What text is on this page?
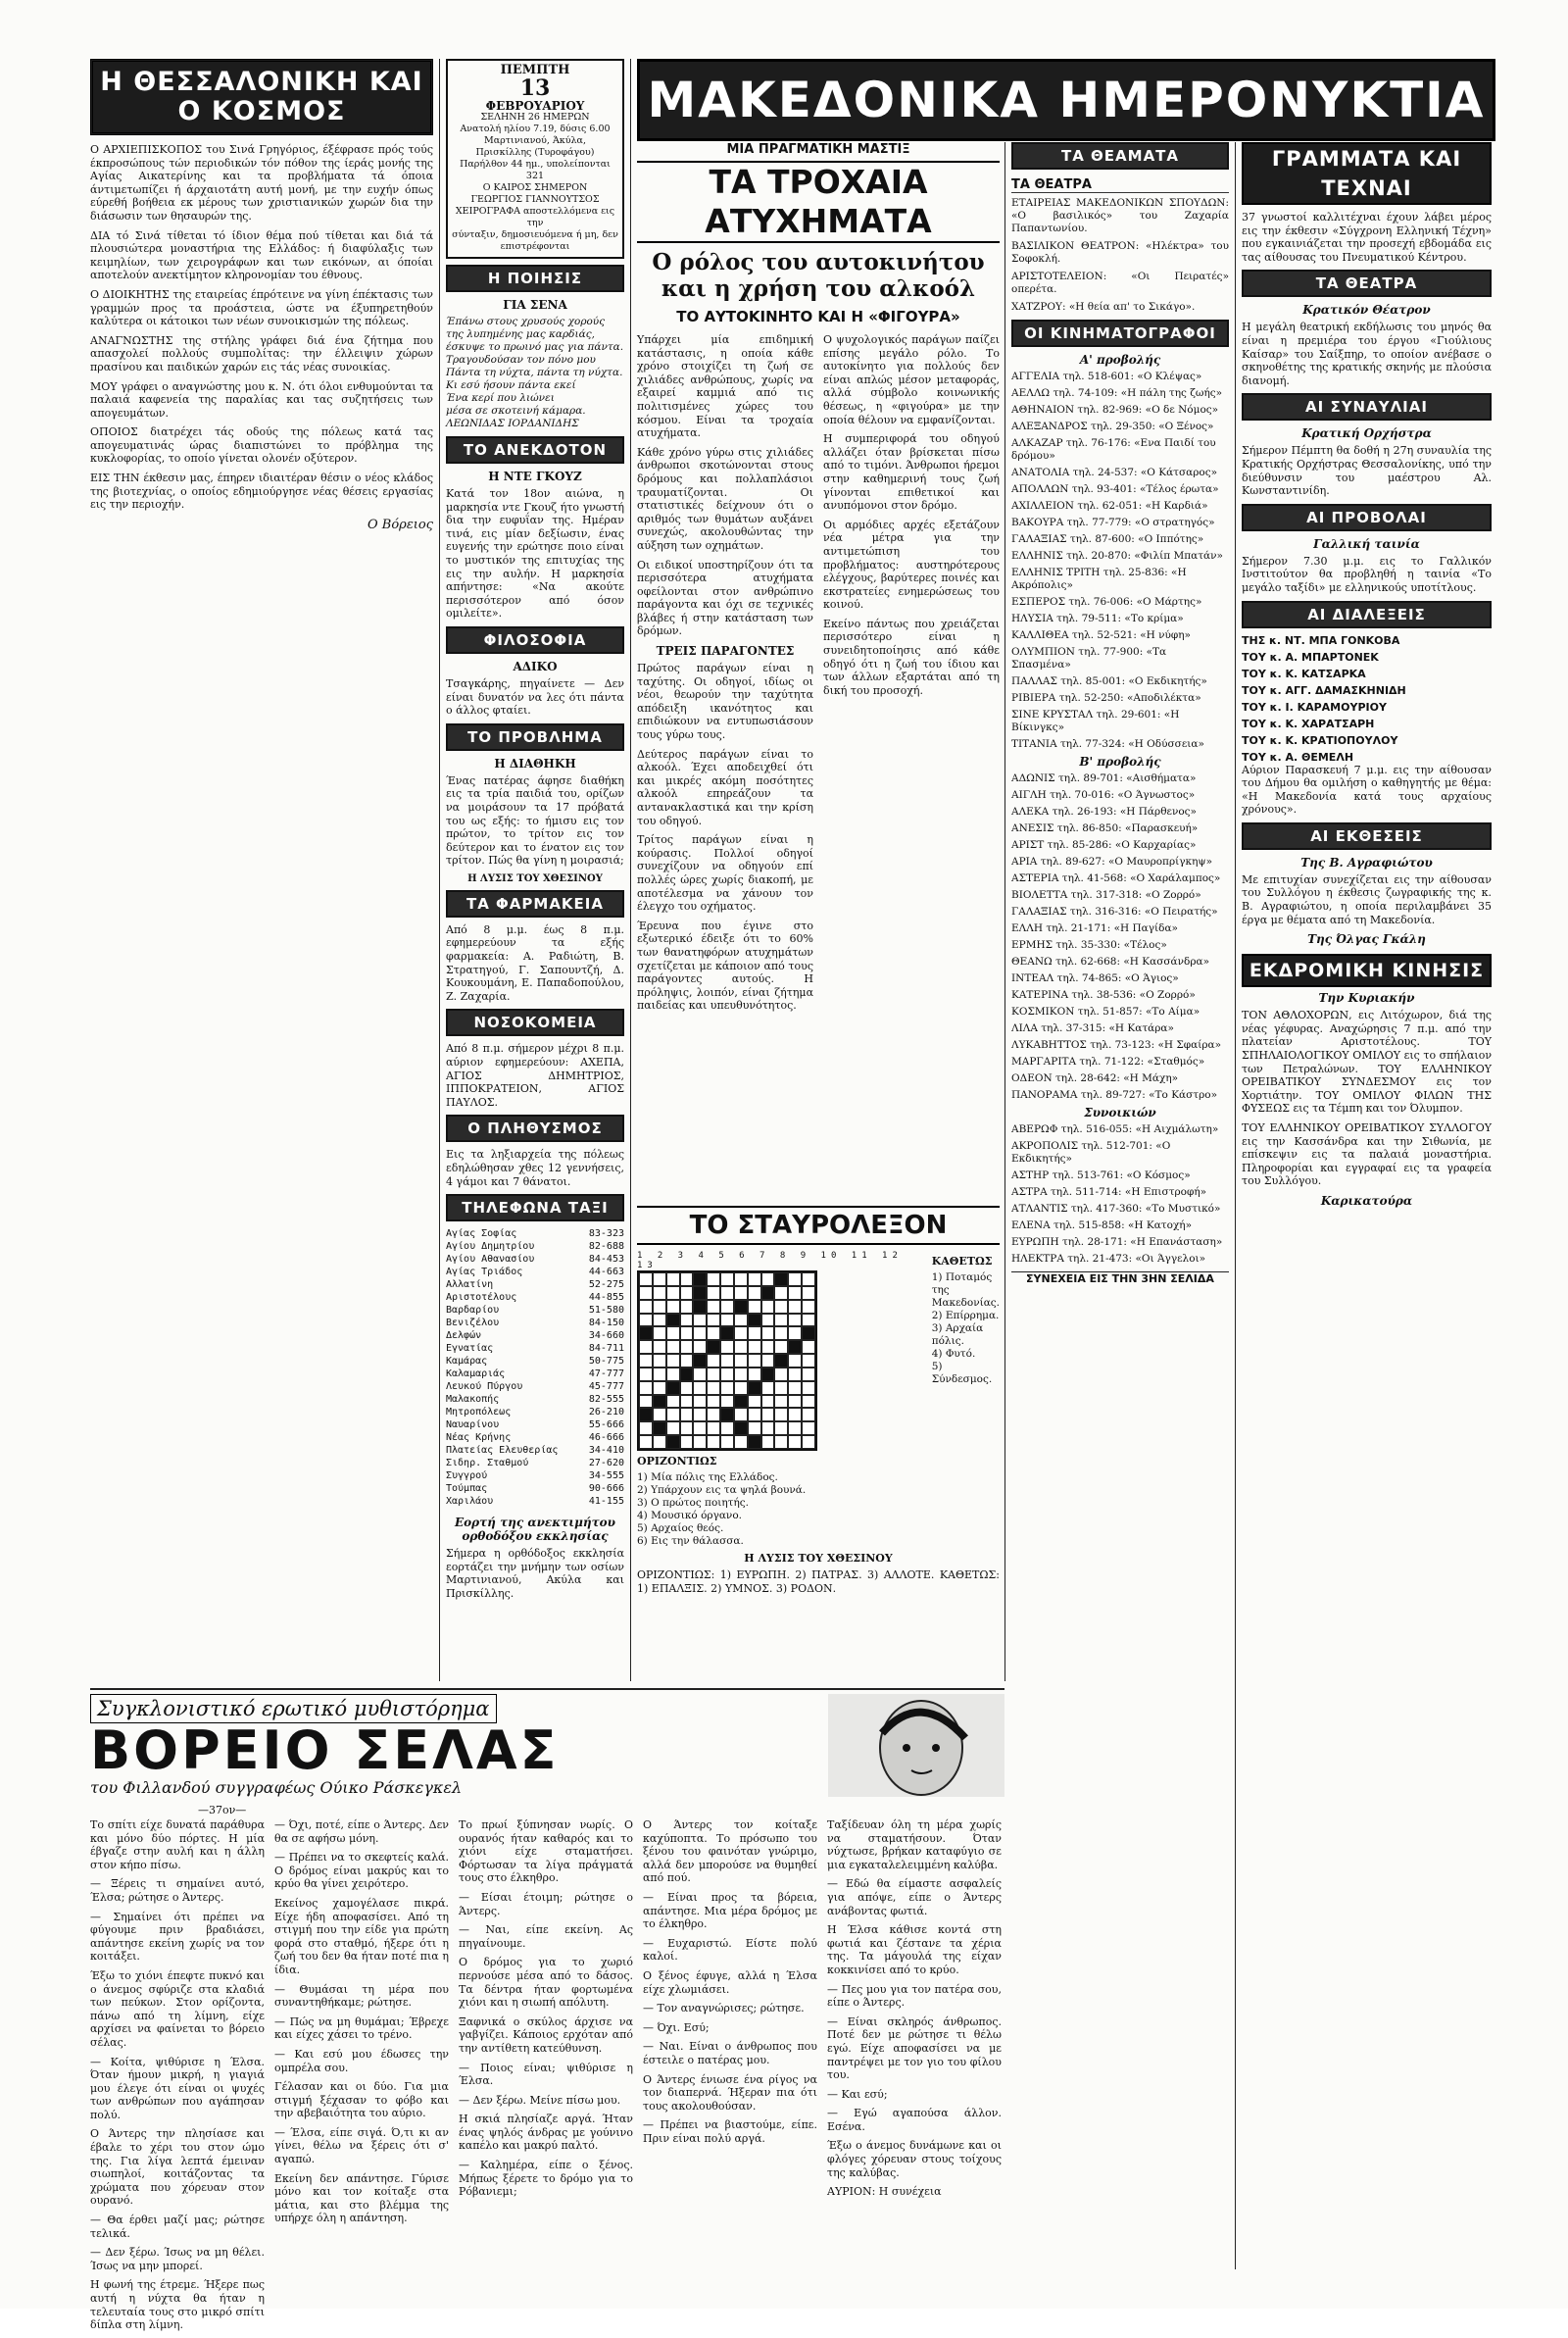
Η ΘΕΣΣΑΛΟΝΙΚΗ ΚΑΙ Ο ΚΟΣΜΟΣ

Ο ΑΡΧΙΕΠΙΣΚΟΠΟΣ του Σινά Γρηγόριος, έξέφρασε πρός τούς έκπροσώπους τών περιοδικών τόν πόθον της ίεράς μονής της Αγίας Αικατερίνης και τα προβλήματα τά όποια άντιμετωπίζει ή άρχαιοτάτη αυτή μονή, με την ευχήν όπως εύρεθή βοήθεια εκ μέρους των χριστιανικών χωρών δια την διάσωσιν των θησαυρών της.

ΔΙΑ τό Σινά τίθεται τό ίδιον θέμα πού τίθεται και διά τά πλουσιώτερα μοναστήρια της Ελλάδος: ή διαφύλαξις των κειμηλίων, των χειρογράφων και των εικόνων, αι όποίαι αποτελούν ανεκτίμητον κληρονομίαν του έθνους.

Ο ΔΙΟΙΚΗΤΗΣ της εταιρείας έπρότεινε να γίνη έπέκτασις των γραμμών προς τα προάστεια, ώστε να έξυπηρετηθούν καλύτερα οι κάτοικοι των νέων συνοικισμών της πόλεως.

ΑΝΑΓΝΩΣΤΗΣ της στήλης γράφει διά ένα ζήτημα που απασχολεί πολλούς συμπολίτας: την έλλειψιν χώρων πρασίνου και παιδικών χαρών εις τάς νέας συνοικίας.

ΜΟΥ γράφει ο αναγνώστης μου κ. Ν. ότι όλοι ενθυμούνται τα παλαιά καφενεία της παραλίας και τας συζητήσεις των απογευμάτων.

ΟΠΟΙΟΣ διατρέχει τάς οδούς της πόλεως κατά τας απογευματινάς ώρας διαπιστώνει το πρόβλημα της κυκλοφορίας, το οποίο γίνεται ολονέν οξύτερον.

ΕΙΣ ΤΗΝ έκθεσιν μας, έπηρεν ιδιαιτέραν θέσιν ο νέος κλάδος της βιοτεχνίας, ο οποίος εδημιούργησε νέας θέσεις εργασίας εις την περιοχήν.

Ο Βόρειος
ΠΕΜΠΤΗ
13
ΦΕΒΡΟΥΑΡΙΟΥ
ΣΕΛΗΝΗ 26 ΗΜΕΡΩΝ
Ανατολή ηλίου 7.19, δύσις 6.00
Μαρτινιανού, Άκύλα,
Πρισκίλλης (Τυροφάγου)
Παρήλθον 44 ημ., υπολείπονται 321
Ο ΚΑΙΡΟΣ ΣΗΜΕΡΟΝ
ΓΕΩΡΓΙΟΣ ΓΙΑΝΝΟΥΤΣΟΣ
ΧΕΙΡΟΓΡΑΦΑ αποστελλόμενα εις την
σύνταξιν, δημοσιευόμενα ή μη, δεν
επιστρέφονται
Η ΠΟΙΗΣΙΣ
ΓΙΑ ΣΕΝΑ
Έπάνω στους χρυσούς χορούς
της λυπημένης μας καρδιάς,
έσκυψε το πρωινό μας για πάντα.
Τραγουδούσαν τον πόνο μου
Πάντα τη νύχτα, πάντα τη νύχτα.
Κι εσύ ήσουν πάντα εκεί
Ένα κερί που λιώνει
μέσα σε σκοτεινή κάμαρα.
ΛΕΩΝΙΔΑΣ ΙΟΡΔΑΝΙΔΗΣ
ΤΟ ΑΝΕΚΔΟΤΟΝ
Η ΝΤΕ ΓΚΟΥΖ

Κατά τον 18ον αιώνα, η μαρκησία ντε Γκουζ ήτο γνωστή δια την ευφυΐαν της. Ημέραν τινά, εις μίαν δεξίωσιν, ένας ευγενής την ερώτησε ποιο είναι το μυστικόν της επιτυχίας της εις την αυλήν. Η μαρκησία απήντησε: «Να ακούτε περισσότερον από όσον ομιλείτε».

ΦΙΛΟΣΟΦΙΑ
ΑΔΙΚΟ

Τσαγκάρης, πηγαίνετε — Δεν είναι δυνατόν να λες ότι πάντα ο άλλος φταίει.

ΤΟ ΠΡΟΒΛΗΜΑ
Η ΔΙΑΘΗΚΗ

Ένας πατέρας άφησε διαθήκη εις τα τρία παιδιά του, ορίζων να μοιράσουν τα 17 πρόβατά του ως εξής: το ήμισυ εις τον πρώτον, το τρίτον εις τον δεύτερον και το ένατον εις τον τρίτον. Πώς θα γίνη η μοιρασιά;

Η ΛΥΣΙΣ ΤΟΥ ΧΘΕΣΙΝΟΥ
ΤΑ ΦΑΡΜΑΚΕΙΑ

Από 8 μ.μ. έως 8 π.μ. εφημερεύουν τα εξής φαρμακεία: Α. Ραδιώτη, Β. Στρατηγού, Γ. Σαπουντζή, Δ. Κουκουμάνη, Ε. Παπαδοπούλου, Ζ. Ζαχαρία.

ΝΟΣΟΚΟΜΕΙΑ

Από 8 π.μ. σήμερον μέχρι 8 π.μ. αύριον εφημερεύουν: ΑΧΕΠΑ, ΑΓΙΟΣ ΔΗΜΗΤΡΙΟΣ, ΙΠΠΟΚΡΑΤΕΙΟΝ, ΑΓΙΟΣ ΠΑΥΛΟΣ.

Ο ΠΛΗΘΥΣΜΟΣ

Εις τα ληξιαρχεία της πόλεως εδηλώθησαν χθες 12 γεννήσεις, 4 γάμοι και 7 θάνατοι.

ΤΗΛΕΦΩΝΑ ΤΑΞΙ
Αγίας Σοφίας	83-323
Αγίου Δημητρίου	82-688
Αγίου Αθανασίου	84-453
Αγίας Τριάδος	44-663
Αλλατίνη	52-275
Αριστοτέλους	44-855
Βαρδαρίου	51-580
Βενιζέλου	84-150
Δελφών	34-660
Εγνατίας	84-711
Καμάρας	50-775
Καλαμαριάς	47-777
Λευκού Πύργου	45-777
Μαλακοπής	82-555
Μητροπόλεως	26-210
Ναυαρίνου	55-666
Νέας Κρήνης	46-666
Πλατείας Ελευθερίας	34-410
Σιδηρ. Σταθμού	27-620
Συγγρού	34-555
Τούμπας	90-666
Χαριλάου	41-155
Εορτή της ανεκτιμήτου ορθοδόξου εκκλησίας

Σήμερα η ορθόδοξος εκκλησία εορτάζει την μνήμην των οσίων Μαρτινιανού, Ακύλα και Πρισκίλλης.

ΜΑΚΕΔΟΝΙΚΑ ΗΜΕΡΟΝΥΚΤΙΑ
ΜΙΑ ΠΡΑΓΜΑΤΙΚΗ ΜΑΣΤΙΞ
ΤΑ ΤΡΟΧΑΙΑ ΑΤΥΧΗΜΑΤΑ
Ο ρόλος του αυτοκινήτου και η χρήση του αλκοόλ
ΤΟ ΑΥΤΟΚΙΝΗΤΟ ΚΑΙ Η «ΦΙΓΟΥΡΑ»

Υπάρχει μία επιδημική κατάστασις, η οποία κάθε χρόνο στοιχίζει τη ζωή σε χιλιάδες ανθρώπους, χωρίς να εξαιρεί καμμιά από τις πολιτισμένες χώρες του κόσμου. Είναι τα τροχαία ατυχήματα.

Κάθε χρόνο γύρω στις χιλιάδες άνθρωποι σκοτώνονται στους δρόμους και πολλαπλάσιοι τραυματίζονται. Οι στατιστικές δείχνουν ότι ο αριθμός των θυμάτων αυξάνει συνεχώς, ακολουθώντας την αύξηση των οχημάτων.

Οι ειδικοί υποστηρίζουν ότι τα περισσότερα ατυχήματα οφείλονται στον ανθρώπινο παράγοντα και όχι σε τεχνικές βλάβες ή στην κατάσταση των δρόμων.

ΤΡΕΙΣ ΠΑΡΑΓΟΝΤΕΣ

Πρώτος παράγων είναι η ταχύτης. Οι οδηγοί, ιδίως οι νέοι, θεωρούν την ταχύτητα απόδειξη ικανότητος και επιδιώκουν να εντυπωσιάσουν τους γύρω τους.

Δεύτερος παράγων είναι το αλκοόλ. Έχει αποδειχθεί ότι και μικρές ακόμη ποσότητες αλκοόλ επηρεάζουν τα αντανακλαστικά και την κρίση του οδηγού.

Τρίτος παράγων είναι η κούρασις. Πολλοί οδηγοί συνεχίζουν να οδηγούν επί πολλές ώρες χωρίς διακοπή, με αποτέλεσμα να χάνουν τον έλεγχο του οχήματος.

Έρευνα που έγινε στο εξωτερικό έδειξε ότι το 60% των θανατηφόρων ατυχημάτων σχετίζεται με κάποιον από τους παράγοντες αυτούς. Η πρόληψις, λοιπόν, είναι ζήτημα παιδείας και υπευθυνότητος.

Ο ψυχολογικός παράγων παίζει επίσης μεγάλο ρόλο. Το αυτοκίνητο για πολλούς δεν είναι απλώς μέσον μεταφοράς, αλλά σύμβολο κοινωνικής θέσεως, η «φιγούρα» με την οποία θέλουν να εμφανίζονται.

Η συμπεριφορά του οδηγού αλλάζει όταν βρίσκεται πίσω από το τιμόνι. Άνθρωποι ήρεμοι στην καθημερινή τους ζωή γίνονται επιθετικοί και ανυπόμονοι στον δρόμο.

Οι αρμόδιες αρχές εξετάζουν νέα μέτρα για την αντιμετώπιση του προβλήματος: αυστηρότερους ελέγχους, βαρύτερες ποινές και εκστρατείες ενημερώσεως του κοινού.

Εκείνο πάντως που χρειάζεται περισσότερο είναι η συνειδητοποίησις από κάθε οδηγό ότι η ζωή του ίδιου και των άλλων εξαρτάται από τη δική του προσοχή.

ΤΟ ΣΤΑΥΡΟΛΕΞΟΝ
1 2 3 4 5 6 7 8 9 10 11 12 13	ΚΑΘΕΤΩΣ
1) Ποταμός της Μακεδονίας.
2) Επίρρημα.
3) Αρχαία πόλις.
4) Φυτό.
5) Σύνδεσμος.
ΟΡΙΖΟΝΤΙΩΣ
1) Μία πόλις της Ελλάδος.
2) Υπάρχουν εις τα ψηλά βουνά.
3) Ο πρώτος ποιητής.
4) Μουσικό όργανο.
5) Αρχαίος θεός.
6) Εις την θάλασσα.
Η ΛΥΣΙΣ ΤΟΥ ΧΘΕΣΙΝΟΥ

ΟΡΙΖΟΝΤΙΩΣ: 1) ΕΥΡΩΠΗ. 2) ΠΑΤΡΑΣ. 3) ΑΛΛΟΤΕ. ΚΑΘΕΤΩΣ: 1) ΕΠΑΛΞΙΣ. 2) ΥΜΝΟΣ. 3) ΡΟΔΟΝ.

ΤΑ ΘΕΑΜΑΤΑ
ΤΑ ΘΕΑΤΡΑ
ΕΤΑΙΡΕΙΑΣ ΜΑΚΕΔΟΝΙΚΩΝ ΣΠΟΥΔΩΝ: «Ο βασιλικός» του Ζαχαρία Παπαντωνίου.
ΒΑΣΙΛΙΚΟΝ ΘΕΑΤΡΟΝ: «Ηλέκτρα» του Σοφοκλή.
ΑΡΙΣΤΟΤΕΛΕΙΟΝ: «Οι Πειρατές» οπερέτα.
ΧΑΤΖΡΟΥ: «Η θεία απ' το Σικάγο».
ΟΙ ΚΙΝΗΜΑΤΟΓΡΑΦΟΙ
Α' προβολής
ΑΓΓΕΛΙΑ τηλ. 518-601: «Ο Κλέψας»
ΑΕΛΛΩ τηλ. 74-109: «Η πάλη της ζωής»
ΑΘΗΝΑΙΟΝ τηλ. 82-969: «Ο δε Νόμος»
ΑΛΕΞΑΝΔΡΟΣ τηλ. 29-350: «Ο Ξένος»
ΑΛΚΑΖΑΡ τηλ. 76-176: «Ενα Παιδί του δρόμου»
ΑΝΑΤΟΛΙΑ τηλ. 24-537: «Ο Κάτσαρος»
ΑΠΟΛΛΩΝ τηλ. 93-401: «Τέλος έρωτα»
ΑΧΙΛΛΕΙΟΝ τηλ. 62-051: «Η Καρδιά»
ΒΑΚΟΥΡΑ τηλ. 77-779: «Ο στρατηγός»
ΓΑΛΑΞΙΑΣ τηλ. 87-600: «Ο Ιππότης»
ΕΛΛΗΝΙΣ τηλ. 20-870: «Φιλίπ Μπατάν»
ΕΛΛΗΝΙΣ ΤΡΙΤΗ τηλ. 25-836: «Η Ακρόπολις»
ΕΣΠΕΡΟΣ τηλ. 76-006: «Ο Μάρτης»
ΗΛΥΣΙΑ τηλ. 79-511: «Το κρίμα»
ΚΑΛΛΙΘΕΑ τηλ. 52-521: «Η νύφη»
ΟΛΥΜΠΙΟΝ τηλ. 77-900: «Τα Σπασμένα»
ΠΑΛΛΑΣ τηλ. 85-001: «Ο Εκδικητής»
ΡΙΒΙΕΡΑ τηλ. 52-250: «Αποδιλέκτα»
ΣΙΝΕ ΚΡΥΣΤΑΛ τηλ. 29-601: «Η Βίκινγκς»
ΤΙΤΑΝΙΑ τηλ. 77-324: «Η Οδύσσεια»
Β' προβολής
ΑΔΩΝΙΣ τηλ. 89-701: «Αισθήματα»
ΑΙΓΛΗ τηλ. 70-016: «Ο Άγνωστος»
ΑΛΕΚΑ τηλ. 26-193: «Η Πάρθενος»
ΑΝΕΣΙΣ τηλ. 86-850: «Παρασκευή»
ΑΡΙΣΤ τηλ. 85-286: «Ο Καρχαρίας»
ΑΡΙΑ τηλ. 89-627: «Ο Μαυροπρίγκηψ»
ΑΣΤΕΡΙΑ τηλ. 41-568: «Ο Χαράλαμπος»
ΒΙΟΛΕΤΤΑ τηλ. 317-318: «Ο Ζορρό»
ΓΑΛΑΞΙΑΣ τηλ. 316-316: «Ο Πειρατής»
ΕΛΛΗ τηλ. 21-171: «Η Παγίδα»
ΕΡΜΗΣ τηλ. 35-330: «Τέλος»
ΘΕΑΝΩ τηλ. 62-668: «Η Κασσάνδρα»
ΙΝΤΕΑΛ τηλ. 74-865: «Ο Άγιος»
ΚΑΤΕΡΙΝΑ τηλ. 38-536: «Ο Ζορρό»
ΚΟΣΜΙΚΟΝ τηλ. 51-857: «Το Αίμα»
ΛΙΛΑ τηλ. 37-315: «Η Κατάρα»
ΛΥΚΑΒΗΤΤΟΣ τηλ. 73-123: «Η Σφαίρα»
ΜΑΡΓΑΡΙΤΑ τηλ. 71-122: «Σταθμός»
ΟΔΕΟΝ τηλ. 28-642: «Η Μάχη»
ΠΑΝΟΡΑΜΑ τηλ. 89-727: «Το Κάστρο»
Συνοικιών
ΑΒΕΡΩΦ τηλ. 516-055: «Η Αιχμάλωτη»
ΑΚΡΟΠΟΛΙΣ τηλ. 512-701: «Ο Εκδικητής»
ΑΣΤΗΡ τηλ. 513-761: «Ο Κόσμος»
ΑΣΤΡΑ τηλ. 511-714: «Η Επιστροφή»
ΑΤΛΑΝΤΙΣ τηλ. 417-360: «Το Μυστικό»
ΕΛΕΝΑ τηλ. 515-858: «Η Κατοχή»
ΕΥΡΩΠΗ τηλ. 28-171: «Η Επανάσταση»
ΗΛΕΚΤΡΑ τηλ. 21-473: «Οι Άγγελοι»
ΣΥΝΕΧΕΙΑ ΕΙΣ ΤΗΝ 3ΗΝ ΣΕΛΙΔΑ
ΓΡΑΜΜΑΤΑ ΚΑΙ ΤΕΧΝΑΙ

37 γνωστοί καλλιτέχναι έχουν λάβει μέρος εις την έκθεσιν «Σύγχρονη Ελληνική Τέχνη» που εγκαινιάζεται την προσεχή εβδομάδα εις τας αίθουσας του Πνευματικού Κέντρου.

ΤΑ ΘΕΑΤΡΑ
Κρατικόν Θέατρον

Η μεγάλη θεατρική εκδήλωσις του μηνός θα είναι η πρεμιέρα του έργου «Γιούλιους Καίσαρ» του Σαίξπηρ, το οποίον ανέβασε ο σκηνοθέτης της κρατικής σκηνής με πλούσια διανομή.

ΑΙ ΣΥΝΑΥΛΙΑΙ
Κρατική Ορχήστρα

Σήμερον Πέμπτη θα δοθή η 27η συναυλία της Κρατικής Ορχήστρας Θεσσαλονίκης, υπό την διεύθυνσιν του μαέστρου Αλ. Κωνσταντινίδη.

ΑΙ ΠΡΟΒΟΛΑΙ
Γαλλική ταινία

Σήμερον 7.30 μ.μ. εις το Γαλλικόν Ινστιτούτον θα προβληθή η ταινία «Το μεγάλο ταξίδι» με ελληνικούς υποτίτλους.

ΑΙ ΔΙΑΛΕΞΕΙΣ
ΤΗΣ κ. ΝΤ. ΜΠΑ ΓΟΝΚΟΒΑ
ΤΟΥ κ. Α. ΜΠΑΡΤΟΝΕΚ
ΤΟΥ κ. Κ. ΚΑΤΣΑΡΚΑ
ΤΟΥ κ. ΑΓΓ. ΔΑΜΑΣΚΗΝΙΔΗ
ΤΟΥ κ. Ι. ΚΑΡΑΜΟΥΡΙΟΥ
ΤΟΥ κ. Κ. ΧΑΡΑΤΣΑΡΗ
ΤΟΥ κ. Κ. ΚΡΑΤΙΟΠΟΥΛΟΥ
ΤΟΥ κ. Α. ΘΕΜΕΛΗ

Αύριον Παρασκευή 7 μ.μ. εις την αίθουσαν του Δήμου θα ομιλήση ο καθηγητής με θέμα: «Η Μακεδονία κατά τους αρχαίους χρόνους».

ΑΙ ΕΚΘΕΣΕΙΣ
Της Β. Αγραφιώτου

Με επιτυχίαν συνεχίζεται εις την αίθουσαν του Συλλόγου η έκθεσις ζωγραφικής της κ. Β. Αγραφιώτου, η οποία περιλαμβάνει 35 έργα με θέματα από τη Μακεδονία.

Της Όλγας Γκάλη
ΕΚΔΡΟΜΙΚΗ ΚΙΝΗΣΙΣ
Την Κυριακήν

ΤΟΝ ΑΘΛΟΧΟΡΩΝ, εις Λιτόχωρον, διά της νέας γέφυρας. Αναχώρησις 7 π.μ. από την πλατείαν Αριστοτέλους. ΤΟΥ ΣΠΗΛΑΙΟΛΟΓΙΚΟΥ ΟΜΙΛΟΥ εις το σπήλαιον των Πετραλώνων. ΤΟΥ ΕΛΛΗΝΙΚΟΥ ΟΡΕΙΒΑΤΙΚΟΥ ΣΥΝΔΕΣΜΟΥ εις τον Χορτιάτην. ΤΟΥ ΟΜΙΛΟΥ ΦΙΛΩΝ ΤΗΣ ΦΥΣΕΩΣ εις τα Τέμπη και τον Όλυμπον.

ΤΟΥ ΕΛΛΗΝΙΚΟΥ ΟΡΕΙΒΑΤΙΚΟΥ ΣΥΛΛΟΓΟΥ εις την Κασσάνδρα και την Σιθωνία, με επίσκεψιν εις τα παλαιά μοναστήρια. Πληροφορίαι και εγγραφαί εις τα γραφεία του Συλλόγου.

Καρικατούρα
Συγκλονιστικό ερωτικό μυθιστόρημα
ΒΟΡΕΙΟ ΣΕΛΑΣ
του Φιλλανδού συγγραφέως Ούικο Ράσκεγκελ
—37ον—

Το σπίτι είχε δυνατά παράθυρα και μόνο δύο πόρτες. Η μία έβγαζε στην αυλή και η άλλη στον κήπο πίσω.

— Ξέρεις τι σημαίνει αυτό, Έλσα; ρώτησε ο Άντερς.

— Σημαίνει ότι πρέπει να φύγουμε πριν βραδιάσει, απάντησε εκείνη χωρίς να τον κοιτάξει.

Έξω το χιόνι έπεφτε πυκνό και ο άνεμος σφύριζε στα κλαδιά των πεύκων. Στον ορίζοντα, πάνω από τη λίμνη, είχε αρχίσει να φαίνεται το βόρειο σέλας.

— Κοίτα, ψιθύρισε η Έλσα. Όταν ήμουν μικρή, η γιαγιά μου έλεγε ότι είναι οι ψυχές των ανθρώπων που αγάπησαν πολύ.

Ο Άντερς την πλησίασε και έβαλε το χέρι του στον ώμο της. Για λίγα λεπτά έμειναν σιωπηλοί, κοιτάζοντας τα χρώματα που χόρευαν στον ουρανό.

— Θα έρθει μαζί μας; ρώτησε τελικά.

— Δεν ξέρω. Ίσως να μη θέλει. Ίσως να μην μπορεί.

Η φωνή της έτρεμε. Ήξερε πως αυτή η νύχτα θα ήταν η τελευταία τους στο μικρό σπίτι δίπλα στη λίμνη.

— Όχι, ποτέ, είπε ο Άντερς. Δεν θα σε αφήσω μόνη.

— Πρέπει να το σκεφτείς καλά. Ο δρόμος είναι μακρύς και το κρύο θα γίνει χειρότερο.

Εκείνος χαμογέλασε πικρά. Είχε ήδη αποφασίσει. Από τη στιγμή που την είδε για πρώτη φορά στο σταθμό, ήξερε ότι η ζωή του δεν θα ήταν ποτέ πια η ίδια.

— Θυμάσαι τη μέρα που συναντηθήκαμε; ρώτησε.

— Πώς να μη θυμάμαι; Έβρεχε και είχες χάσει το τρένο.

— Και εσύ μου έδωσες την ομπρέλα σου.

Γέλασαν και οι δύο. Για μια στιγμή ξέχασαν το φόβο και την αβεβαιότητα του αύριο.

— Έλσα, είπε σιγά. Ό,τι κι αν γίνει, θέλω να ξέρεις ότι σ' αγαπώ.

Εκείνη δεν απάντησε. Γύρισε μόνο και τον κοίταξε στα μάτια, και στο βλέμμα της υπήρχε όλη η απάντηση.

Το πρωί ξύπνησαν νωρίς. Ο ουρανός ήταν καθαρός και το χιόνι είχε σταματήσει. Φόρτωσαν τα λίγα πράγματά τους στο έλκηθρο.

— Είσαι έτοιμη; ρώτησε ο Άντερς.

— Ναι, είπε εκείνη. Ας πηγαίνουμε.

Ο δρόμος για το χωριό περνούσε μέσα από το δάσος. Τα δέντρα ήταν φορτωμένα χιόνι και η σιωπή απόλυτη.

Ξαφνικά ο σκύλος άρχισε να γαβγίζει. Κάποιος ερχόταν από την αντίθετη κατεύθυνση.

— Ποιος είναι; ψιθύρισε η Έλσα.

— Δεν ξέρω. Μείνε πίσω μου.

Η σκιά πλησίαζε αργά. Ήταν ένας ψηλός άνδρας με γούνινο καπέλο και μακρύ παλτό.

— Καλημέρα, είπε ο ξένος. Μήπως ξέρετε το δρόμο για το Ρόβανιεμι;

Ο Άντερς τον κοίταξε καχύποπτα. Το πρόσωπο του ξένου του φαινόταν γνώριμο, αλλά δεν μπορούσε να θυμηθεί από πού.

— Είναι προς τα βόρεια, απάντησε. Μια μέρα δρόμος με το έλκηθρο.

— Ευχαριστώ. Είστε πολύ καλοί.

Ο ξένος έφυγε, αλλά η Έλσα είχε χλωμιάσει.

— Τον αναγνώρισες; ρώτησε.

— Όχι. Εσύ;

— Ναι. Είναι ο άνθρωπος που έστειλε ο πατέρας μου.

Ο Άντερς ένιωσε ένα ρίγος να τον διαπερνά. Ήξεραν πια ότι τους ακολουθούσαν.

— Πρέπει να βιαστούμε, είπε. Πριν είναι πολύ αργά.

Ταξίδευαν όλη τη μέρα χωρίς να σταματήσουν. Όταν νύχτωσε, βρήκαν καταφύγιο σε μια εγκαταλελειμμένη καλύβα.

— Εδώ θα είμαστε ασφαλείς για απόψε, είπε ο Άντερς ανάβοντας φωτιά.

Η Έλσα κάθισε κοντά στη φωτιά και ζέστανε τα χέρια της. Τα μάγουλά της είχαν κοκκινίσει από το κρύο.

— Πες μου για τον πατέρα σου, είπε ο Άντερς.

— Είναι σκληρός άνθρωπος. Ποτέ δεν με ρώτησε τι θέλω εγώ. Είχε αποφασίσει να με παντρέψει με τον γιο του φίλου του.

— Και εσύ;

— Εγώ αγαπούσα άλλον. Εσένα.

Έξω ο άνεμος δυνάμωνε και οι φλόγες χόρευαν στους τοίχους της καλύβας.

ΑΥΡΙΟΝ: Η συνέχεια
